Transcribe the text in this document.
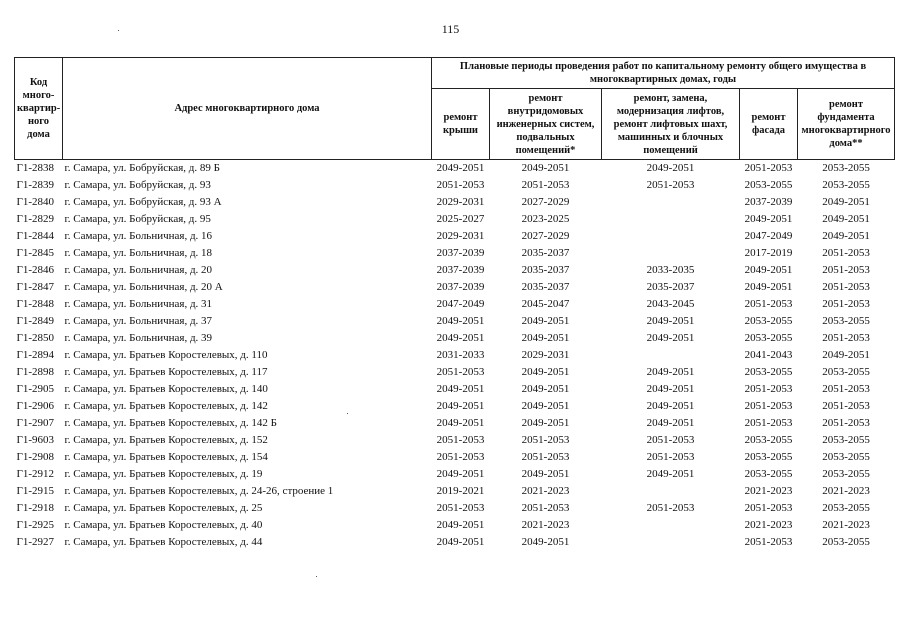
115
Код много-квартир-ного дома	Адрес многоквартирного дома	Плановые периоды проведения работ по капитальному ремонту общего имущества в многоквартирных домах, годы				
		ремонт крыши	ремонт внутридомовых инженерных систем, подвальных помещений*	ремонт, замена, модернизация лифтов, ремонт лифтовых шахт, машинных и блочных помещений	ремонт фасада	ремонт фундамента многоквартирного дома**
Г1-2838	г. Самара, ул. Бобруйская, д. 89 Б	2049-2051	2049-2051	2049-2051	2051-2053	2053-2055
Г1-2839	г. Самара, ул. Бобруйская, д. 93	2051-2053	2051-2053	2051-2053	2053-2055	2053-2055
Г1-2840	г. Самара, ул. Бобруйская, д. 93 А	2029-2031	2027-2029		2037-2039	2049-2051
Г1-2829	г. Самара, ул. Бобруйская, д. 95	2025-2027	2023-2025		2049-2051	2049-2051
Г1-2844	г. Самара, ул. Больничная, д. 16	2029-2031	2027-2029		2047-2049	2049-2051
Г1-2845	г. Самара, ул. Больничная, д. 18	2037-2039	2035-2037		2017-2019	2051-2053
Г1-2846	г. Самара, ул. Больничная, д. 20	2037-2039	2035-2037	2033-2035	2049-2051	2051-2053
Г1-2847	г. Самара, ул. Больничная, д. 20 А	2037-2039	2035-2037	2035-2037	2049-2051	2051-2053
Г1-2848	г. Самара, ул. Больничная, д. 31	2047-2049	2045-2047	2043-2045	2051-2053	2051-2053
Г1-2849	г. Самара, ул. Больничная, д. 37	2049-2051	2049-2051	2049-2051	2053-2055	2053-2055
Г1-2850	г. Самара, ул. Больничная, д. 39	2049-2051	2049-2051	2049-2051	2053-2055	2051-2053
Г1-2894	г. Самара, ул. Братьев Коростелевых, д. 110	2031-2033	2029-2031		2041-2043	2049-2051
Г1-2898	г. Самара, ул. Братьев Коростелевых, д. 117	2051-2053	2049-2051	2049-2051	2053-2055	2053-2055
Г1-2905	г. Самара, ул. Братьев Коростелевых, д. 140	2049-2051	2049-2051	2049-2051	2051-2053	2051-2053
Г1-2906	г. Самара, ул. Братьев Коростелевых, д. 142	2049-2051	2049-2051	2049-2051	2051-2053	2051-2053
Г1-2907	г. Самара, ул. Братьев Коростелевых, д. 142 Б	2049-2051	2049-2051	2049-2051	2051-2053	2051-2053
Г1-9603	г. Самара, ул. Братьев Коростелевых, д. 152	2051-2053	2051-2053	2051-2053	2053-2055	2053-2055
Г1-2908	г. Самара, ул. Братьев Коростелевых, д. 154	2051-2053	2051-2053	2051-2053	2053-2055	2053-2055
Г1-2912	г. Самара, ул. Братьев Коростелевых, д. 19	2049-2051	2049-2051	2049-2051	2053-2055	2053-2055
Г1-2915	г. Самара, ул. Братьев Коростелевых, д. 24-26, строение 1	2019-2021	2021-2023		2021-2023	2021-2023
Г1-2918	г. Самара, ул. Братьев Коростелевых, д. 25	2051-2053	2051-2053	2051-2053	2051-2053	2053-2055
Г1-2925	г. Самара, ул. Братьев Коростелевых, д. 40	2049-2051	2021-2023		2021-2023	2021-2023
Г1-2927	г. Самара, ул. Братьев Коростелевых, д. 44	2049-2051	2049-2051		2051-2053	2053-2055
